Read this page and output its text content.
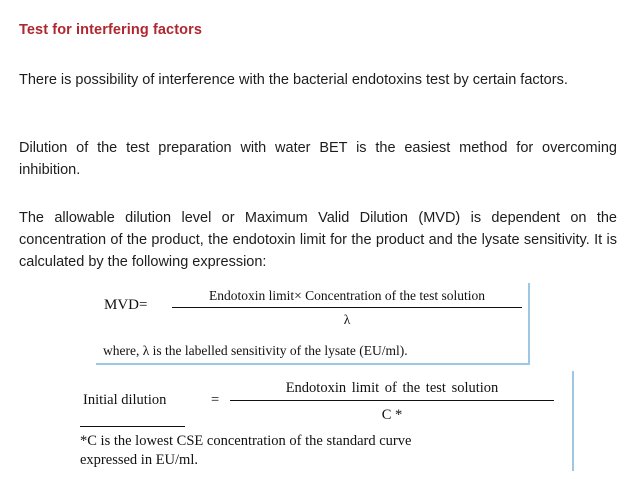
Test for interfering factors
There is possibility of interference with the bacterial endotoxins test by certain factors.
Dilution of the test preparation with water BET is the easiest method for overcoming inhibition.
The allowable dilution level or Maximum Valid Dilution (MVD) is dependent on the concentration of the product, the endotoxin limit for the product and the lysate sensitivity. It is calculated by the following expression:
MVD=
Endotoxin limit× Concentration of the test solution
λ
where, λ is the labelled sensitivity of the lysate (EU/ml).
Initial dilution	=
Endotoxin limit of the test solution
C *
*C is the lowest CSE concentration of the standard curve
expressed in EU/ml.
